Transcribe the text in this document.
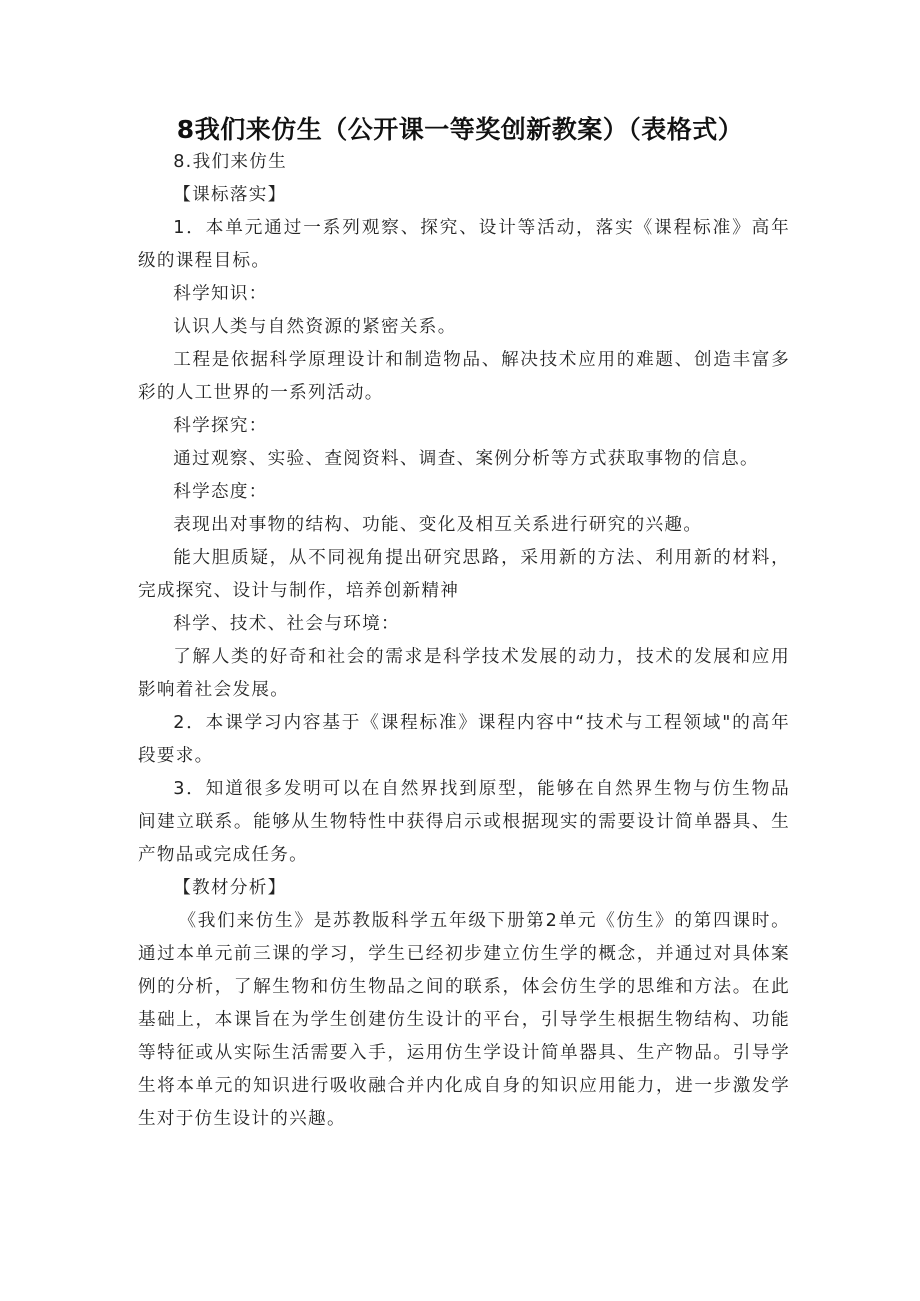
8我们来仿生（公开课一等奖创新教案）（表格式）

8.我们来仿生

【课标落实】

1．本单元通过一系列观察、探究、设计等活动，落实《课程标准》高年级的课程目标。

科学知识：

认识人类与自然资源的紧密关系。

工程是依据科学原理设计和制造物品、解决技术应用的难题、创造丰富多彩的人工世界的一系列活动。

科学探究：

通过观察、实验、查阅资料、调查、案例分析等方式获取事物的信息。

科学态度：

表现出对事物的结构、功能、变化及相互关系进行研究的兴趣。

能大胆质疑，从不同视角提出研究思路，采用新的方法、利用新的材料，完成探究、设计与制作，培养创新精神

科学、技术、社会与环境：

了解人类的好奇和社会的需求是科学技术发展的动力，技术的发展和应用影响着社会发展。

2．本课学习内容基于《课程标准》课程内容中“技术与工程领域"的高年段要求。

3．知道很多发明可以在自然界找到原型，能够在自然界生物与仿生物品间建立联系。能够从生物特性中获得启示或根据现实的需要设计简单器具、生产物品或完成任务。

【教材分析】

《我们来仿生》是苏教版科学五年级下册第2单元《仿生》的第四课时。通过本单元前三课的学习，学生已经初步建立仿生学的概念，并通过对具体案例的分析，了解生物和仿生物品之间的联系，体会仿生学的思维和方法。在此基础上，本课旨在为学生创建仿生设计的平台，引导学生根据生物结构、功能等特征或从实际生活需要入手，运用仿生学设计简单器具、生产物品。引导学生将本单元的知识进行吸收融合并内化成自身的知识应用能力，进一步激发学生对于仿生设计的兴趣。
